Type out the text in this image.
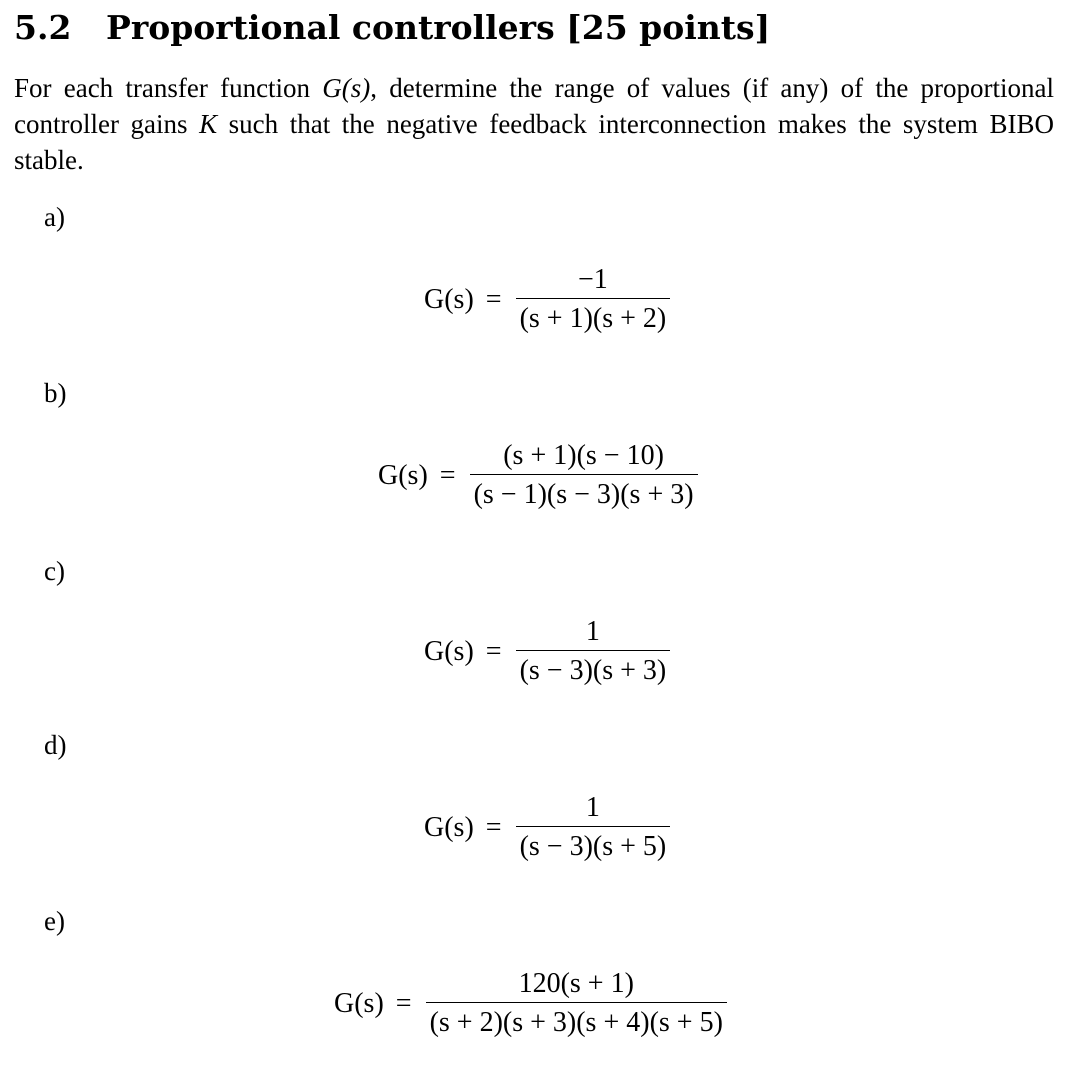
5.2 Proportional controllers [25 points]

For each transfer function G(s), determine the range of values (if any) of the proportional controller gains K such that the negative feedback interconnection makes the system BIBO stable.

a)
$G(s) = \frac{-1}{(s + 1)(s + 2)}$
b)
$G(s) = \frac{(s + 1)(s - 10)}{(s - 1)(s - 3)(s + 3)}$
c)
$G(s) = \frac{1}{(s - 3)(s + 3)}$
d)
$G(s) = \frac{1}{(s - 3)(s + 5)}$
e)
$G(s) = \frac{120(s + 1)}{(s + 2)(s + 3)(s + 4)(s + 5)}$
